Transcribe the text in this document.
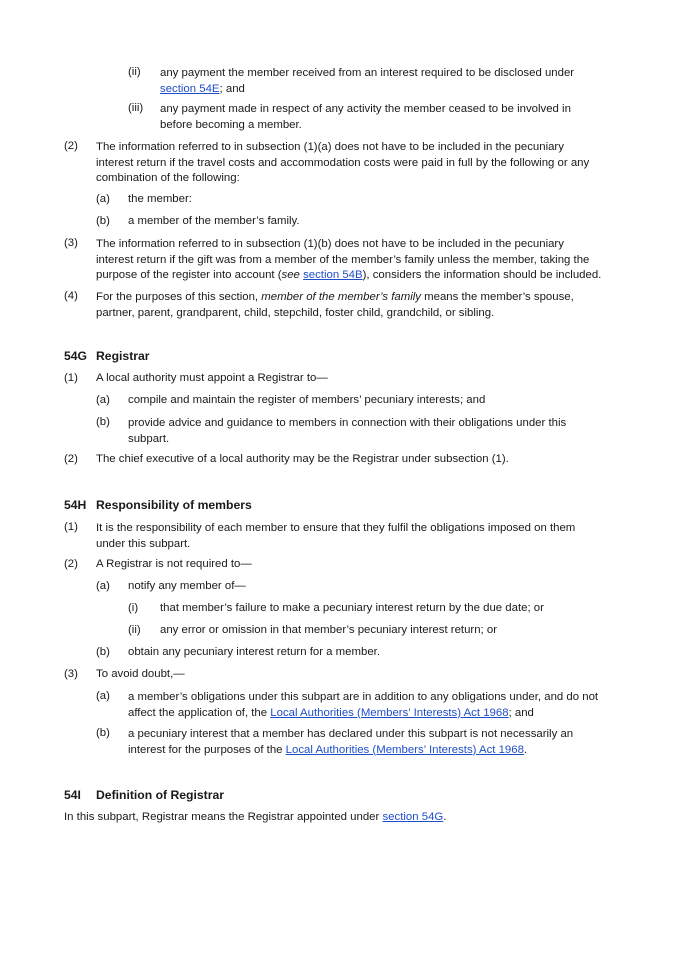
(ii) any payment the member received from an interest required to be disclosed under
section 54E; and
(iii) any payment made in respect of any activity the member ceased to be involved in
before becoming a member.
(2) The information referred to in subsection (1)(a) does not have to be included in the pecuniary
interest return if the travel costs and accommodation costs were paid in full by the following or any
combination of the following:
(a) the member:
(b) a member of the member’s family.
(3) The information referred to in subsection (1)(b) does not have to be included in the pecuniary
interest return if the gift was from a member of the member’s family unless the member, taking the
purpose of the register into account (see section 54B), considers the information should be included.
(4) For the purposes of this section, member of the member’s family means the member’s spouse,
partner, parent, grandparent, child, stepchild, foster child, grandchild, or sibling.
54G Registrar
(1) A local authority must appoint a Registrar to—
(a) compile and maintain the register of members’ pecuniary interests; and
(b) provide advice and guidance to members in connection with their obligations under this
subpart.
(2) The chief executive of a local authority may be the Registrar under subsection (1).
54H Responsibility of members
(1) It is the responsibility of each member to ensure that they fulfil the obligations imposed on them
under this subpart.
(2) A Registrar is not required to—
(a) notify any member of—
(i) that member’s failure to make a pecuniary interest return by the due date; or
(ii) any error or omission in that member’s pecuniary interest return; or
(b) obtain any pecuniary interest return for a member.
(3) To avoid doubt,—
(a) a member’s obligations under this subpart are in addition to any obligations under, and do not
affect the application of, the Local Authorities (Members’ Interests) Act 1968; and
(b) a pecuniary interest that a member has declared under this subpart is not necessarily an
interest for the purposes of the Local Authorities (Members’ Interests) Act 1968.
54I Definition of Registrar
In this subpart, Registrar means the Registrar appointed under section 54G.
